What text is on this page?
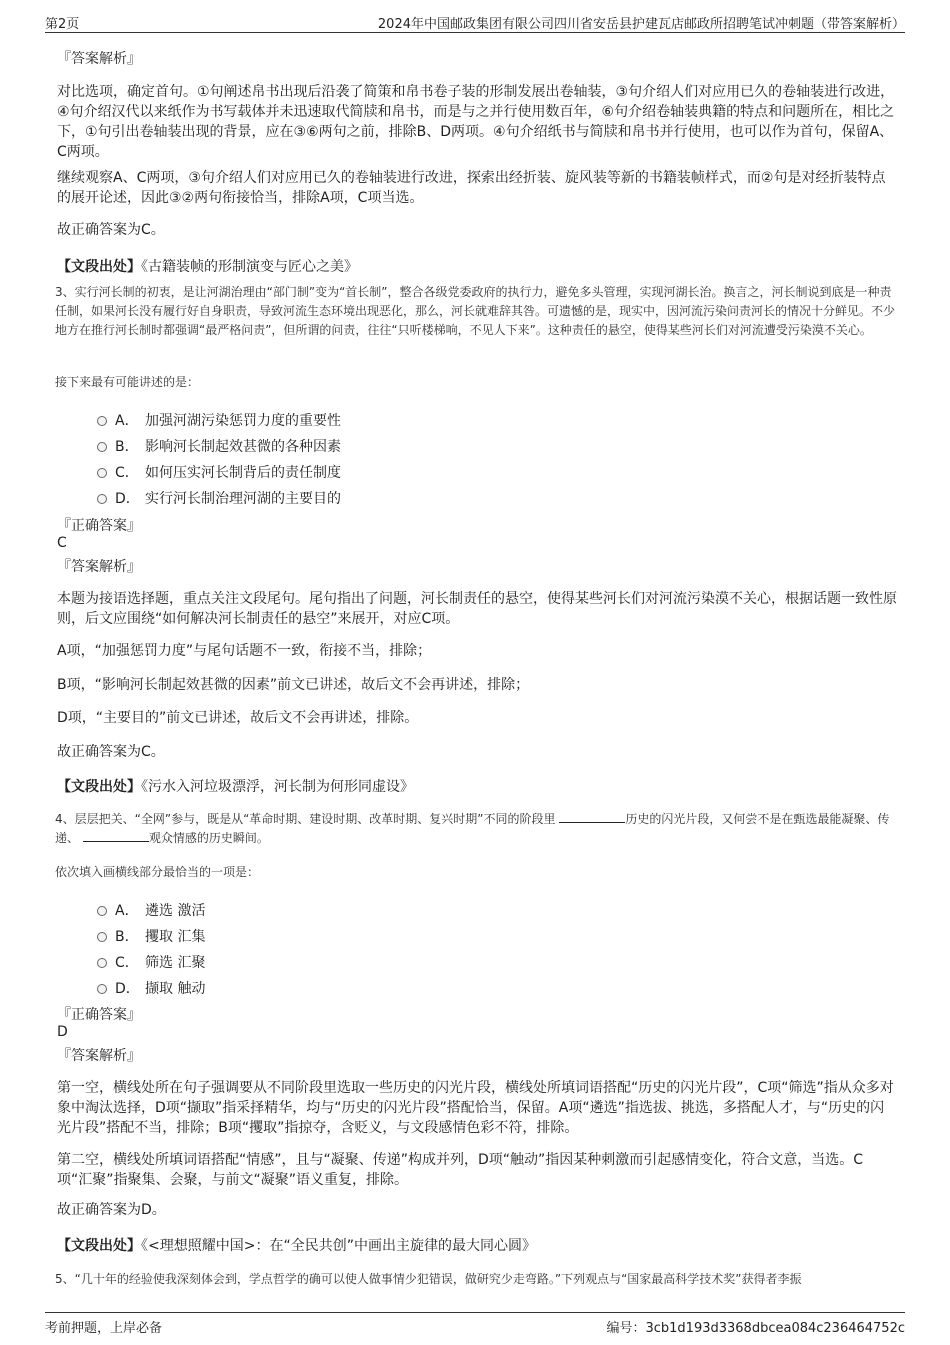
第2页	2024年中国邮政集团有限公司四川省安岳县护建瓦店邮政所招聘笔试冲刺题（带答案解析）
『答案解析』
对比选项，确定首句。①句阐述帛书出现后沿袭了简策和帛书卷子装的形制发展出卷轴装，③句介绍人们对应用已久的卷轴装进行改进，④句介绍汉代以来纸作为书写载体并未迅速取代简牍和帛书，而是与之并行使用数百年，⑥句介绍卷轴装典籍的特点和问题所在，相比之下，①句引出卷轴装出现的背景，应在③⑥两句之前，排除B、D两项。④句介绍纸书与简牍和帛书并行使用，也可以作为首句，保留A、C两项。
继续观察A、C两项，③句介绍人们对应用已久的卷轴装进行改进，探索出经折装、旋风装等新的书籍装帧样式，而②句是对经折装特点的展开论述，因此③②两句衔接恰当，排除A项，C项当选。
故正确答案为C。
【文段出处】《古籍装帧的形制演变与匠心之美》
3、实行河长制的初衷，是让河湖治理由“部门制”变为“首长制”，整合各级党委政府的执行力，避免多头管理，实现河湖长治。换言之，河长制说到底是一种责任制，如果河长没有履行好自身职责，导致河流生态环境出现恶化，那么，河长就难辞其咎。可遗憾的是，现实中，因河流污染问责河长的情况十分鲜见。不少地方在推行河长制时都强调“最严格问责”，但所谓的问责，往往“只听楼梯响，不见人下来”。这种责任的悬空，使得某些河长们对河流遭受污染漠不关心。
接下来最有可能讲述的是：
A． 加强河湖污染惩罚力度的重要性
B． 影响河长制起效甚微的各种因素
C． 如何压实河长制背后的责任制度
D． 实行河长制治理河湖的主要目的
『正确答案』
C
『答案解析』
本题为接语选择题，重点关注文段尾句。尾句指出了问题，河长制责任的悬空，使得某些河长们对河流污染漠不关心，根据话题一致性原则，后文应围绕“如何解决河长制责任的悬空”来展开，对应C项。
A项，“加强惩罚力度”与尾句话题不一致，衔接不当，排除；
B项，“影响河长制起效甚微的因素”前文已讲述，故后文不会再讲述，排除；
D项，“主要目的”前文已讲述，故后文不会再讲述，排除。
故正确答案为C。
【文段出处】《污水入河垃圾漂浮，河长制为何形同虚设》
4、层层把关、“全网”参与，既是从“革命时期、建设时期、改革时期、复兴时期”不同的阶段里	历史的闪光片段，又何尝不是在甄选最能凝聚、传递、	观众情感的历史瞬间。
依次填入画横线部分最恰当的一项是：
A． 遴选 激活
B． 攫取 汇集
C． 筛选 汇聚
D． 撷取 触动
『正确答案』
D
『答案解析』
第一空，横线处所在句子强调要从不同阶段里选取一些历史的闪光片段，横线处所填词语搭配“历史的闪光片段”，C项“筛选”指从众多对象中淘汰选择，D项“撷取”指采择精华，均与“历史的闪光片段”搭配恰当，保留。A项“遴选”指选拔、挑选，多搭配人才，与“历史的闪光片段”搭配不当，排除；B项“攫取”指掠夺，含贬义，与文段感情色彩不符，排除。
第二空，横线处所填词语搭配“情感”，且与“凝聚、传递”构成并列，D项“触动”指因某种刺激而引起感情变化，符合文意，当选。C项“汇聚”指聚集、会聚，与前文“凝聚”语义重复，排除。
故正确答案为D。
【文段出处】《<理想照耀中国>：在“全民共创”中画出主旋律的最大同心圆》
5、“几十年的经验使我深刻体会到，学点哲学的确可以使人做事情少犯错误，做研究少走弯路。”下列观点与“国家最高科学技术奖”获得者李振
考前押题，上岸必备	编号：3cb1d193d3368dbcea084c236464752c
